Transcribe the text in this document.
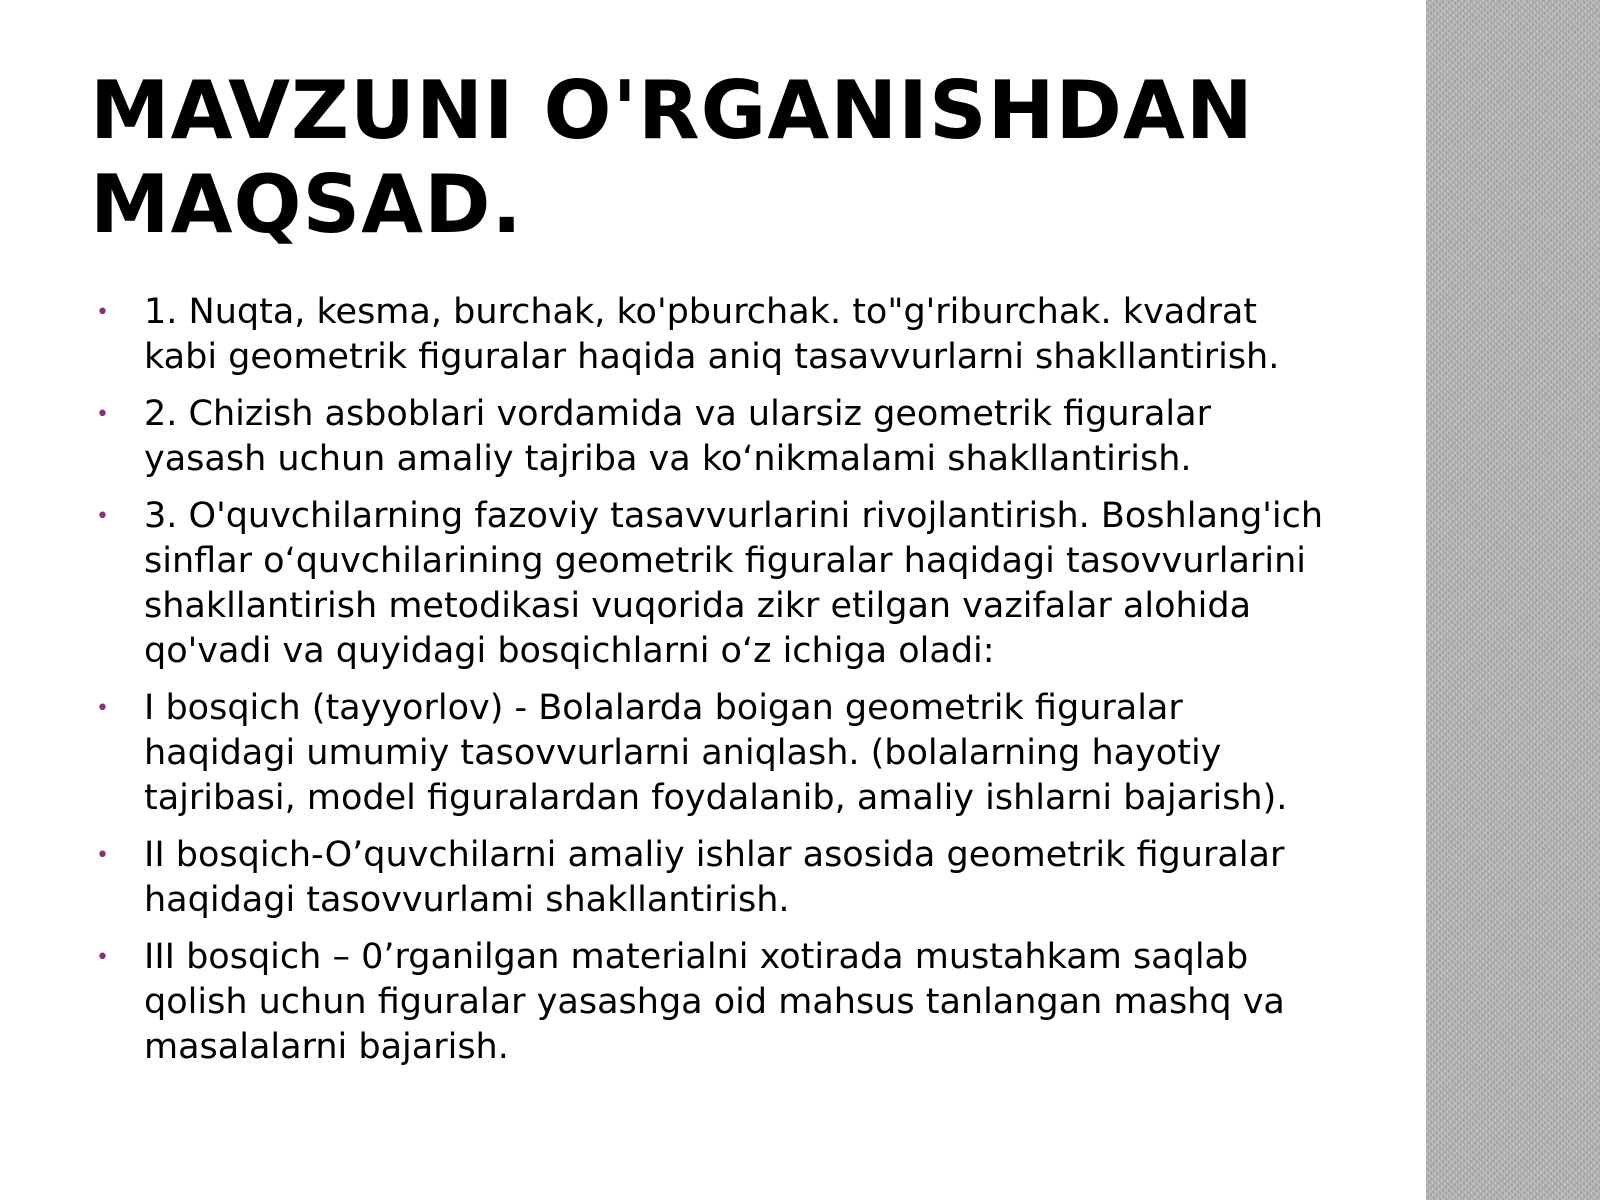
MAVZUNI O'RGANISHDAN
MAQSAD.
• 1. Nuqta, kesma, burchak, ko'pburchak. to"g'riburchak. kvadrat kabi geometrik figuralar haqida aniq tasavvurlarni shakllantirish.
• 2. Chizish asboblari vordamida va ularsiz geometrik figuralar yasash uchun amaliy tajriba va ko‘nikmalami shakllantirish.
• 3. O'quvchilarning fazoviy tasavvurlarini rivojlantirish. Boshlang'ich sinflar o‘quvchilarining geometrik figuralar haqidagi tasovvurlarini shakllantirish metodikasi vuqorida zikr etilgan vazifalar alohida qo'vadi va quyidagi bosqichlarni o‘z ichiga oladi:
• I bosqich (tayyorlov) - Bolalarda boigan geometrik figuralar haqidagi umumiy tasovvurlarni aniqlash. (bolalarning hayotiy tajribasi, model figuralardan foydalanib, amaliy ishlarni bajarish).
• II bosqich-O’quvchilarni amaliy ishlar asosida geometrik figuralar haqidagi tasovvurlami shakllantirish.
• III bosqich – 0’rganilgan materialni xotirada mustahkam saqlab qolish uchun figuralar yasashga oid mahsus tanlangan mashq va masalalarni bajarish.
